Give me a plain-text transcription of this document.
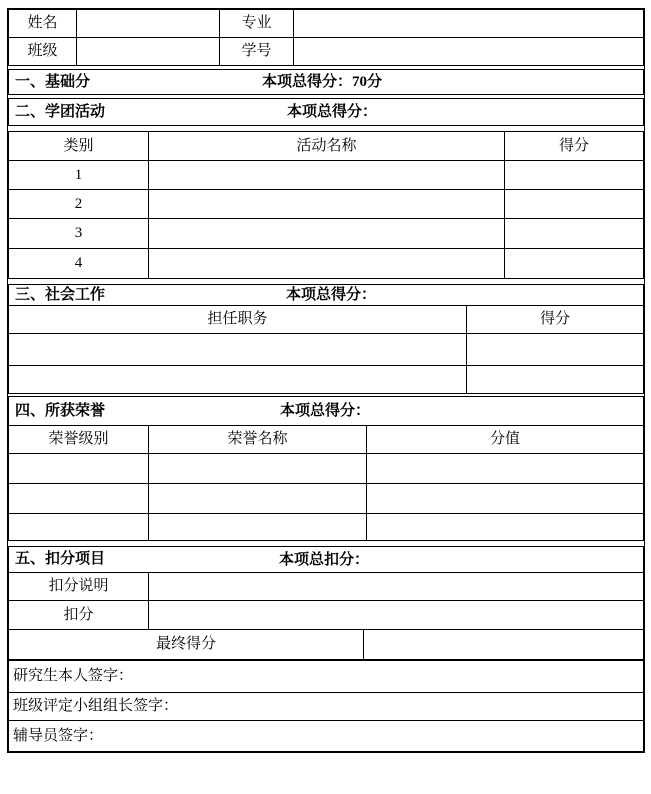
姓名		专业	
班级		学号	
一、基础分	本项总得分： 70分
二、学团活动	本项总得分：
类别	活动名称	得分
1		
2		
3		
4		
三、社会工作 本项总得分：	

担任职务	得分

四、所获荣誉 本项总得分：		

荣誉级别	荣誉名称	分值

五、扣分项目 本项总扣分：		

扣分说明		
扣分		
最终得分		
研究生本人签字：
班级评定小组组长签字：
辅导员签字：
